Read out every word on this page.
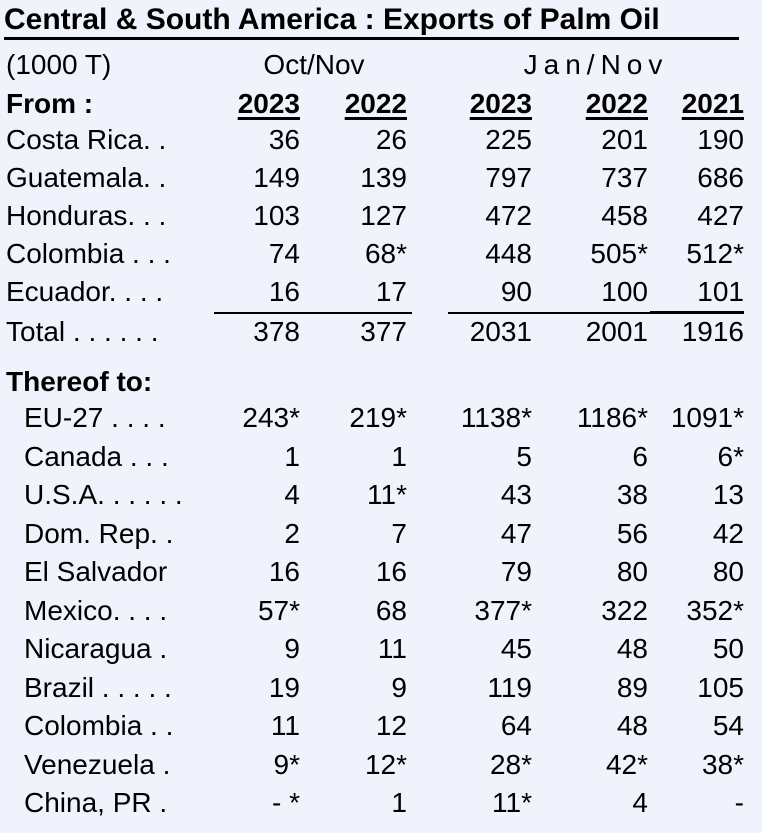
Central & South America : Exports of Palm Oil
(1000 T)	Oct/Nov	Jan/Nov
From :	2023 2022 2023 2022 2021
Costa Rica. .	36	26	225 201 190
Guatemala. .	149 139	797 737 686
Honduras. . .	103 127	472 458 427
Colombia . . .	74 68*	448 505* 512*
Ecuador. . . .	16	17	90 100 101
Total . . . . . .	378 377 2031 2001 1916
Thereof to:
EU-27 . . . .	243* 219* 1138* 1186* 1091*
Canada . . .	1	1	5	6 6*
U.S.A. . . . . .	4 11*	43	38 13
Dom. Rep. .	2	7	47	56 42
El Salvador	16	16	79	80 80
Mexico. . . .	57*	68 377* 322 352*
Nicaragua .	9	11	45	48 50
Brazil . . . . .	19	9	119	89 105
Colombia . .	11	12	64	48 54
Venezuela .	9* 12*	28*	42* 38*
China, PR .	- *	1	11*	4	-
